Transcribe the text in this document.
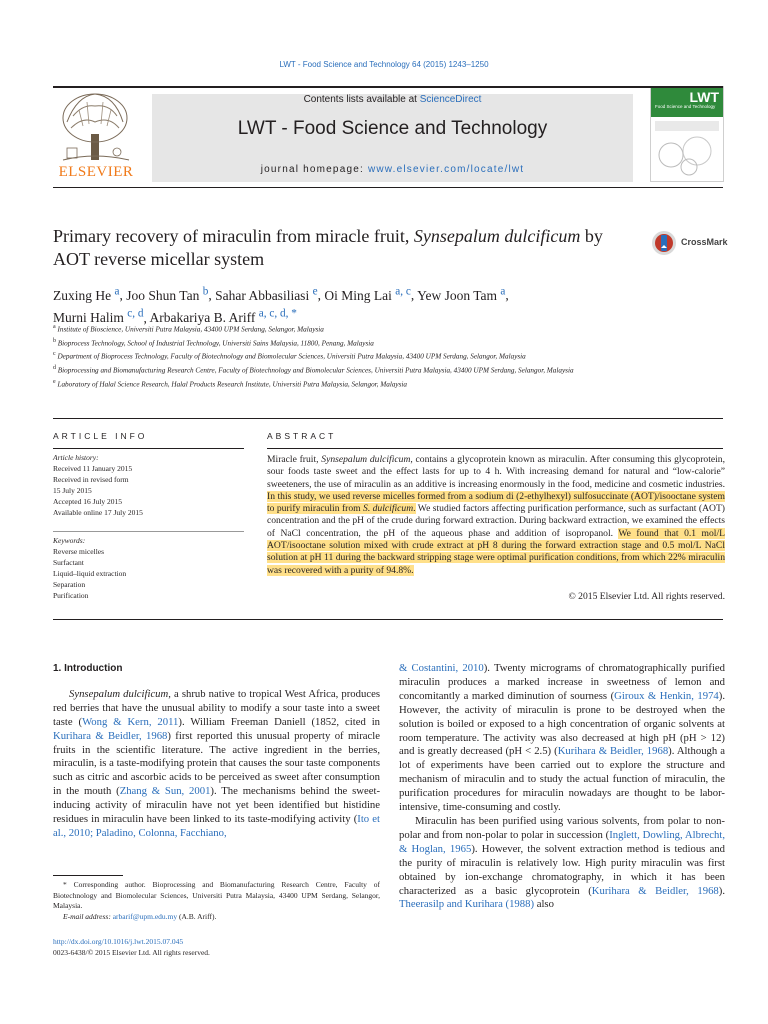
LWT - Food Science and Technology 64 (2015) 1243–1250
ELSEVIER
Contents lists available at ScienceDirect
LWT - Food Science and Technology
journal homepage: www.elsevier.com/locate/lwt
LWT
Food Science and Technology
Primary recovery of miraculin from miracle fruit, Synsepalum dulcificum by AOT reverse micellar system
CrossMark
Zuxing He $^a$, Joo Shun Tan $^b$, Sahar Abbasiliasi $^e$, Oi Ming Lai $^{a, c}$, Yew Joon Tam $^a$,
Murni Halim $^{c, d}$, Arbakariya B. Ariff $^{a, c, d, *}$
$^a$ Institute of Bioscience, Universiti Putra Malaysia, 43400 UPM Serdang, Selangor, Malaysia
$^b$ Bioprocess Technology, School of Industrial Technology, Universiti Sains Malaysia, 11800, Penang, Malaysia
$^c$ Department of Bioprocess Technology, Faculty of Biotechnology and Biomolecular Sciences, Universiti Putra Malaysia, 43400 UPM Serdang, Selangor, Malaysia
$^d$ Bioprocessing and Biomanufacturing Research Centre, Faculty of Biotechnology and Biomolecular Sciences, Universiti Putra Malaysia, 43400 UPM Serdang, Selangor, Malaysia
$^e$ Laboratory of Halal Science Research, Halal Products Research Institute, Universiti Putra Malaysia, Selangor, Malaysia
ARTICLE INFO	ABSTRACT
Article history:
Received 11 January 2015
Received in revised form
15 July 2015
Accepted 16 July 2015
Available online 17 July 2015
Keywords:
Reverse micelles
Surfactant
Liquid–liquid extraction
Separation
Purification
Miracle fruit, Synsepalum dulcificum, contains a glycoprotein known as miraculin. After consuming this glycoprotein, sour foods taste sweet and the effect lasts for up to 4 h. With increasing demand for natural and “low-calorie” sweeteners, the use of miraculin as an additive is increasing enormously in the food, medicine and cosmetic industries. In this study, we used reverse micelles formed from a sodium di (2-ethylhexyl) sulfosuccinate (AOT)/isooctane system to purify miraculin from S. dulcificum. We studied factors affecting purification performance, such as surfactant (AOT) concentration and the pH of the crude during forward extraction. During backward extraction, we examined the effects of NaCl concentration, the pH of the aqueous phase and addition of isopropanol. We found that 0.1 mol/L AOT/isooctane solution mixed with crude extract at pH 8 during the forward extraction stage and 0.5 mol/L NaCl solution at pH 11 during the backward stripping stage were optimal purification conditions, from which 22% miraculin was recovered with a purity of 94.8%.
© 2015 Elsevier Ltd. All rights reserved.

1. Introduction

Synsepalum dulcificum, a shrub native to tropical West Africa, produces red berries that have the unusual ability to modify a sour taste into a sweet taste (Wong & Kern, 2011). William Freeman Daniell (1852, cited in Kurihara & Beidler, 1968) first reported this unusual property of miracle fruits in the scientific literature. The active ingredient in the berries, miraculin, is a taste-modifying protein that causes the sour taste components such as citric and ascorbic acids to be perceived as sweet after consumption in the mouth (Zhang & Sun, 2001). The mechanisms behind the sweet-inducing activity of miraculin have not yet been identified but histidine residues in miraculin have been linked to its taste-modifying activity (Ito et al., 2010; Paladino, Colonna, Facchiano,

& Costantini, 2010). Twenty micrograms of chromatographically purified miraculin produces a marked increase in sweetness of lemon and concomitantly a marked diminution of sourness (Giroux & Henkin, 1974). However, the activity of miraculin is prone to be destroyed when the solution is boiled or exposed to a high concentration of organic solvents at room temperature. The activity was also decreased at high pH (pH > 12) and is greatly decreased (pH < 2.5) (Kurihara & Beidler, 1968). Although a lot of experiments have been carried out to explore the structure and mechanism of miraculin and to study the actual function of miraculin, the purification procedures for miraculin nowadays are thought to be labor-intensive, time-consuming and costly.

Miraculin has been purified using various solvents, from polar to non-polar and from non-polar to polar in succession (Inglett, Dowling, Albrecht, & Hoglan, 1965). However, the solvent extraction method is tedious and the purity of miraculin is relatively low. High purity miraculin was first obtained by ion-exchange chromatography, in which it has been characterized as a basic glycoprotein (Kurihara & Beidler, 1968). Theerasilp and Kurihara (1988) also

* Corresponding author. Bioprocessing and Biomanufacturing Research Centre, Faculty of Biotechnology and Biomolecular Sciences, Universiti Putra Malaysia, 43400 UPM Serdang, Selangor, Malaysia.
E-mail address: arbarif@upm.edu.my (A.B. Ariff).
http://dx.doi.org/10.1016/j.lwt.2015.07.045
0023-6438/© 2015 Elsevier Ltd. All rights reserved.
